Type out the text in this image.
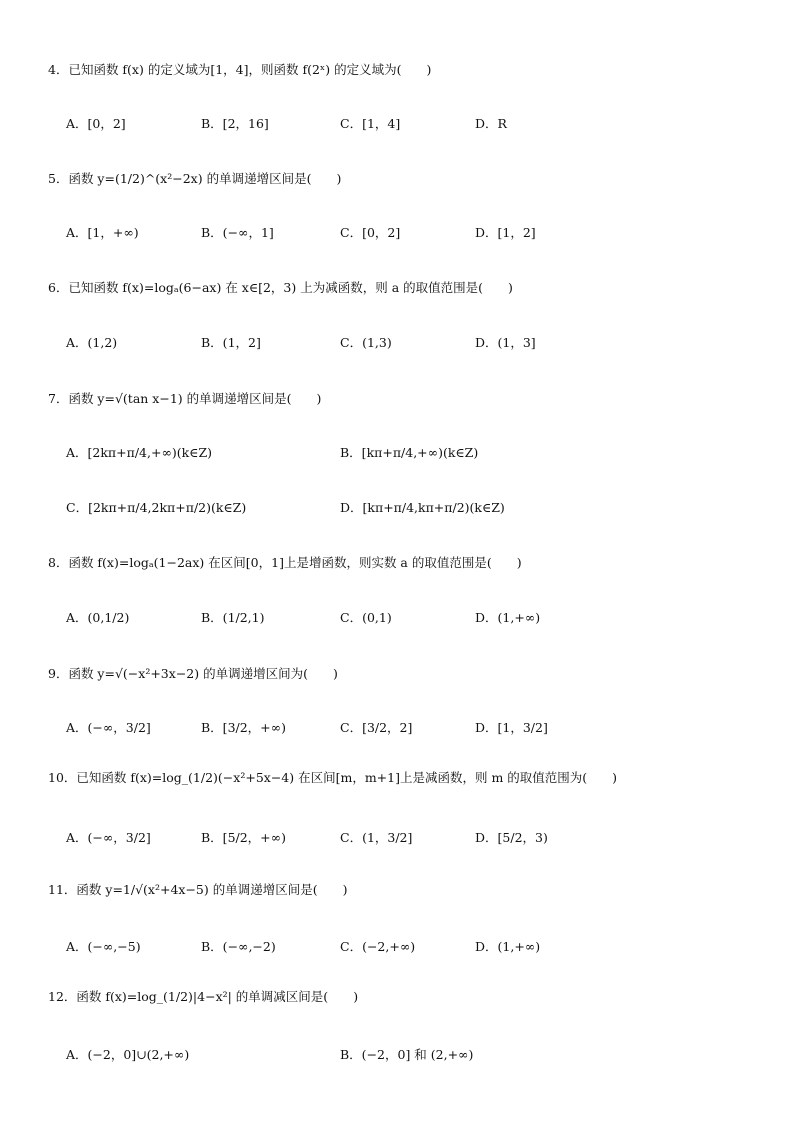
4．已知函数 f(x) 的定义域为[1，4]，则函数 f(2ˣ) 的定义域为(　　)
A．[0，2]	B．[2，16]	C．[1，4]	D．R
5．函数 y=(1/2)^(x²−2x) 的单调递增区间是(　　)
A．[1，+∞)	B．(−∞，1]	C．[0，2]	D．[1，2]
6．已知函数 f(x)=logₐ(6−ax) 在 x∈[2，3) 上为减函数，则 a 的取值范围是(　　)
A．(1,2)	B．(1，2]	C．(1,3)	D．(1，3]
7．函数 y=√(tan x−1) 的单调递增区间是(　　)
A．[2kπ+π/4,+∞)(k∈Z)	B．[kπ+π/4,+∞)(k∈Z)
C．[2kπ+π/4,2kπ+π/2)(k∈Z)	D．[kπ+π/4,kπ+π/2)(k∈Z)
8．函数 f(x)=logₐ(1−2ax) 在区间[0，1]上是增函数，则实数 a 的取值范围是(　　)
A．(0,1/2)	B．(1/2,1)	C．(0,1)	D．(1,+∞)
9．函数 y=√(−x²+3x−2) 的单调递增区间为(　　)
A．(−∞，3/2]	B．[3/2，+∞)	C．[3/2，2]	D．[1，3/2]
10．已知函数 f(x)=log_(1/2)(−x²+5x−4) 在区间[m，m+1]上是减函数，则 m 的取值范围为(　　)
A．(−∞，3/2]	B．[5/2，+∞)	C．(1，3/2]	D．[5/2，3)
11．函数 y=1/√(x²+4x−5) 的单调递增区间是(　　)
A．(−∞,−5)	B．(−∞,−2)	C．(−2,+∞)	D．(1,+∞)
12．函数 f(x)=log_(1/2)|4−x²| 的单调减区间是(　　)
A．(−2，0]∪(2,+∞)	B．(−2，0] 和 (2,+∞)
